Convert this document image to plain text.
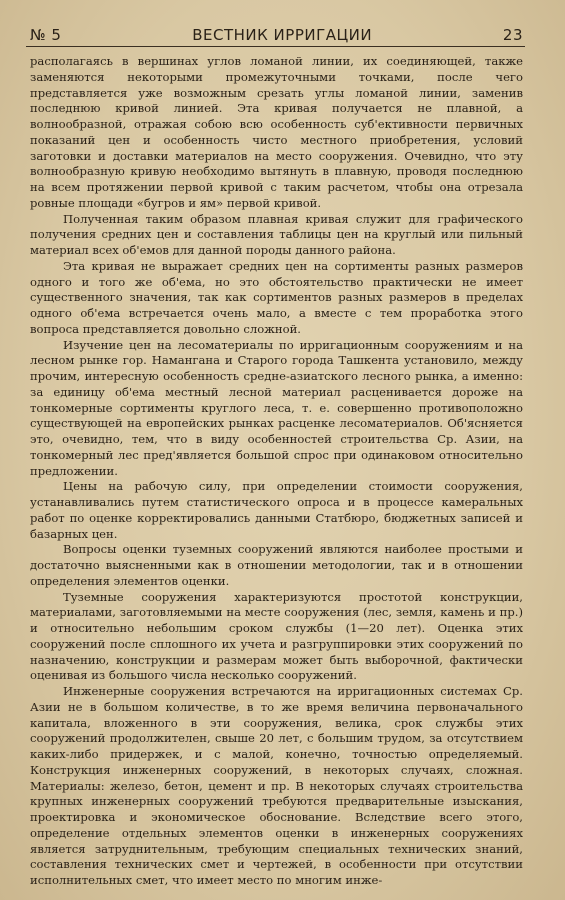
№ 5	ВЕСТНИК ИРРИГАЦИИ	23

располагаясь в вершинах углов ломаной линии, их соединяющей, также заменяются некоторыми промежуточными точками, после чего представляется уже возможным срезать углы ломаной линии, заменив последнюю кривой линией. Эта кривая получается не плавной, а волнообразной, отражая собою всю особенность суб'ективности первичных показаний цен и особенность чисто местного приобретения, условий заготовки и доставки материалов на место сооружения. Очевидно, что эту волнообразную кривую необходимо вытянуть в плавную, проводя последнюю на всем протяжении первой кривой с таким расчетом, чтобы она отрезала ровные площади «бугров и ям» первой кривой.

Полученная таким образом плавная кривая служит для графического получения средних цен и составления таблицы цен на круглый или пильный материал всех об'емов для данной породы данного района.

Эта кривая не выражает средних цен на сортименты разных размеров одного и того же об'ема, но это обстоятельство практически не имеет существенного значения, так как сортиментов разных размеров в пределах одного об'ема встречается очень мало, а вместе с тем проработка этого вопроса представляется довольно сложной.

Изучение цен на лесоматериалы по ирригационным сооружениям и на лесном рынке гор. Намангана и Старого города Ташкента установило, между прочим, интересную особенность средне-азиатского лесного рынка, а именно: за единицу об'ема местный лесной материал расценивается дороже на тонкомерные сортименты круглого леса, т. е. совершенно противоположно существующей на европейских рынках расценке лесоматериалов. Об'ясняется это, очевидно, тем, что в виду особенностей строительства Ср. Азии, на тонкомерный лес пред'является большой спрос при одинаковом относительно предложении.

Цены на рабочую силу, при определении стоимости сооружения, устанавливались путем статистического опроса и в процессе камеральных работ по оценке корректировались данными Статбюро, бюджетных записей и базарных цен.

Вопросы оценки туземных сооружений являются наиболее простыми и достаточно выясненными как в отношении методологии, так и в отношении определения элементов оценки.

Туземные сооружения характеризуются простотой конструкции, материалами, заготовляемыми на месте сооружения (лес, земля, камень и пр.) и относительно небольшим сроком службы (1—20 лет). Оценка этих сооружений после сплошного их учета и разгруппировки этих сооружений по назначению, конструкции и размерам может быть выборочной, фактически оценивая из большого числа несколько сооружений.

Инженерные сооружения встречаются на ирригационных системах Ср. Азии не в большом количестве, в то же время величина первоначального капитала, вложенного в эти сооружения, велика, срок службы этих сооружений продолжителен, свыше 20 лет, с большим трудом, за отсутствием каких-либо придержек, и с малой, конечно, точностью определяемый. Конструкция инженерных сооружений, в некоторых случаях, сложная. Материалы: железо, бетон, цемент и пр. В некоторых случаях строительства крупных инженерных сооружений требуются предварительные изыскания, проектировка и экономическое обоснование. Вследствие всего этого, определение отдельных элементов оценки в инженерных сооружениях является затруднительным, требующим специальных технических знаний, составления технических смет и чертежей, в особенности при отсутствии исполнительных смет, что имеет место по многим инже-
